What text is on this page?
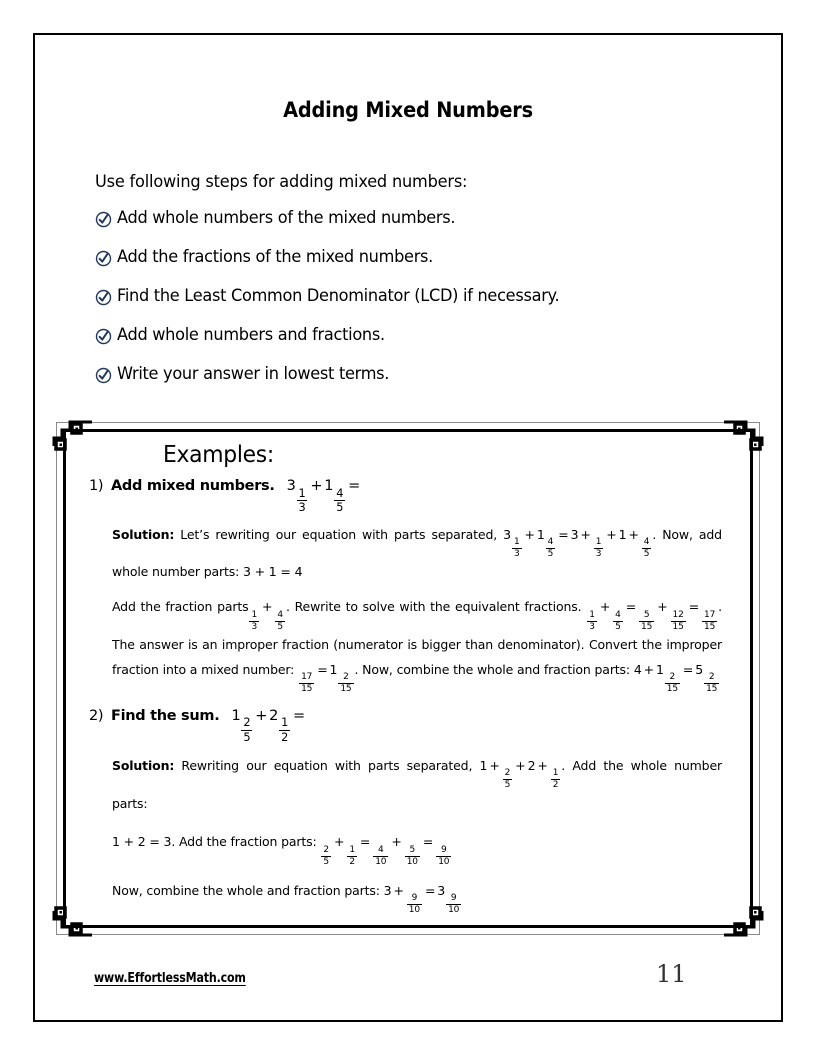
Adding Mixed Numbers
Use following steps for adding mixed numbers:
Add whole numbers of the mixed numbers.
Add the fractions of the mixed numbers.
Find the Least Common Denominator (LCD) if necessary.
Add whole numbers and fractions.
Write your answer in lowest terms.
Examples:
1) Add mixed numbers. 3
$\frac{1}{3}$
+ 1
$\frac{4}{5}$
=

Solution: Let’s rewriting our equation with parts separated, 3
$\frac{1}{3}$
+ 1
$\frac{4}{5}$
= 3 +
$\frac{1}{3}$
+ 1 +
$\frac{4}{5}$
. Now, add whole number parts: 3 + 1 = 4

Add the fraction parts
$\frac{1}{3}$
+
$\frac{4}{5}$
. Rewrite to solve with the equivalent fractions.
$\frac{1}{3}$
+
$\frac{4}{5}$
=
$\frac{5}{15}$
+
$\frac{12}{15}$
=
$\frac{17}{15}$
. The answer is an improper fraction (numerator is bigger than denominator). Convert the improper fraction into a mixed number:
$\frac{17}{15}$
= 1
$\frac{2}{15}$
. Now, combine the whole and fraction parts: 4 + 1
$\frac{2}{15}$
= 5
$\frac{2}{15}$

2) Find the sum. 1
$\frac{2}{5}$
+ 2
$\frac{1}{2}$
=

Solution: Rewriting our equation with parts separated, 1 +
$\frac{2}{5}$
+ 2 +
$\frac{1}{2}$
. Add the whole number parts:

1 + 2 = 3. Add the fraction parts:
$\frac{2}{5}$
+
$\frac{1}{2}$
=
$\frac{4}{10}$
+
$\frac{5}{10}$
=
$\frac{9}{10}$

Now, combine the whole and fraction parts: 3 +
$\frac{9}{10}$
= 3
$\frac{9}{10}$

www.EffortlessMath.com	11
